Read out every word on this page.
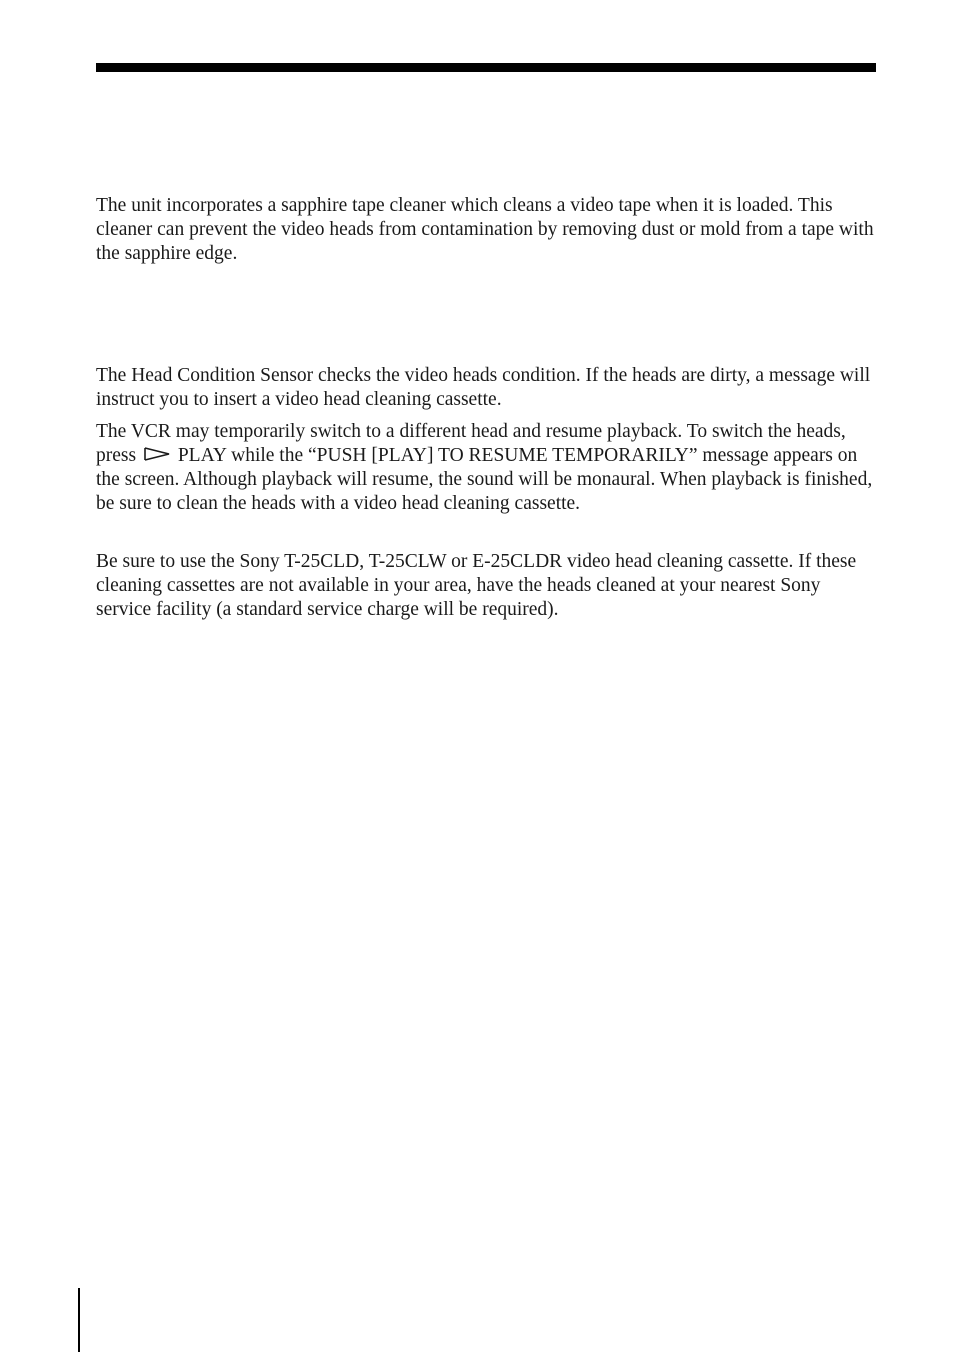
The unit incorporates a sapphire tape cleaner which cleans a video tape when it is loaded. This cleaner can prevent the video heads from contamination by removing dust or mold from a tape with the sapphire edge.

The Head Condition Sensor checks the video heads condition. If the heads are dirty, a message will instruct you to insert a video head cleaning cassette.

The VCR may temporarily switch to a different head and resume playback. To switch the heads, press PLAY while the “PUSH [PLAY] TO RESUME TEMPORARILY” message appears on the screen. Although playback will resume, the sound will be monaural. When playback is finished, be sure to clean the heads with a video head cleaning cassette.

Be sure to use the Sony T-25CLD, T-25CLW or E-25CLDR video head cleaning cassette. If these cleaning cassettes are not available in your area, have the heads cleaned at your nearest Sony service facility (a standard service charge will be required).
